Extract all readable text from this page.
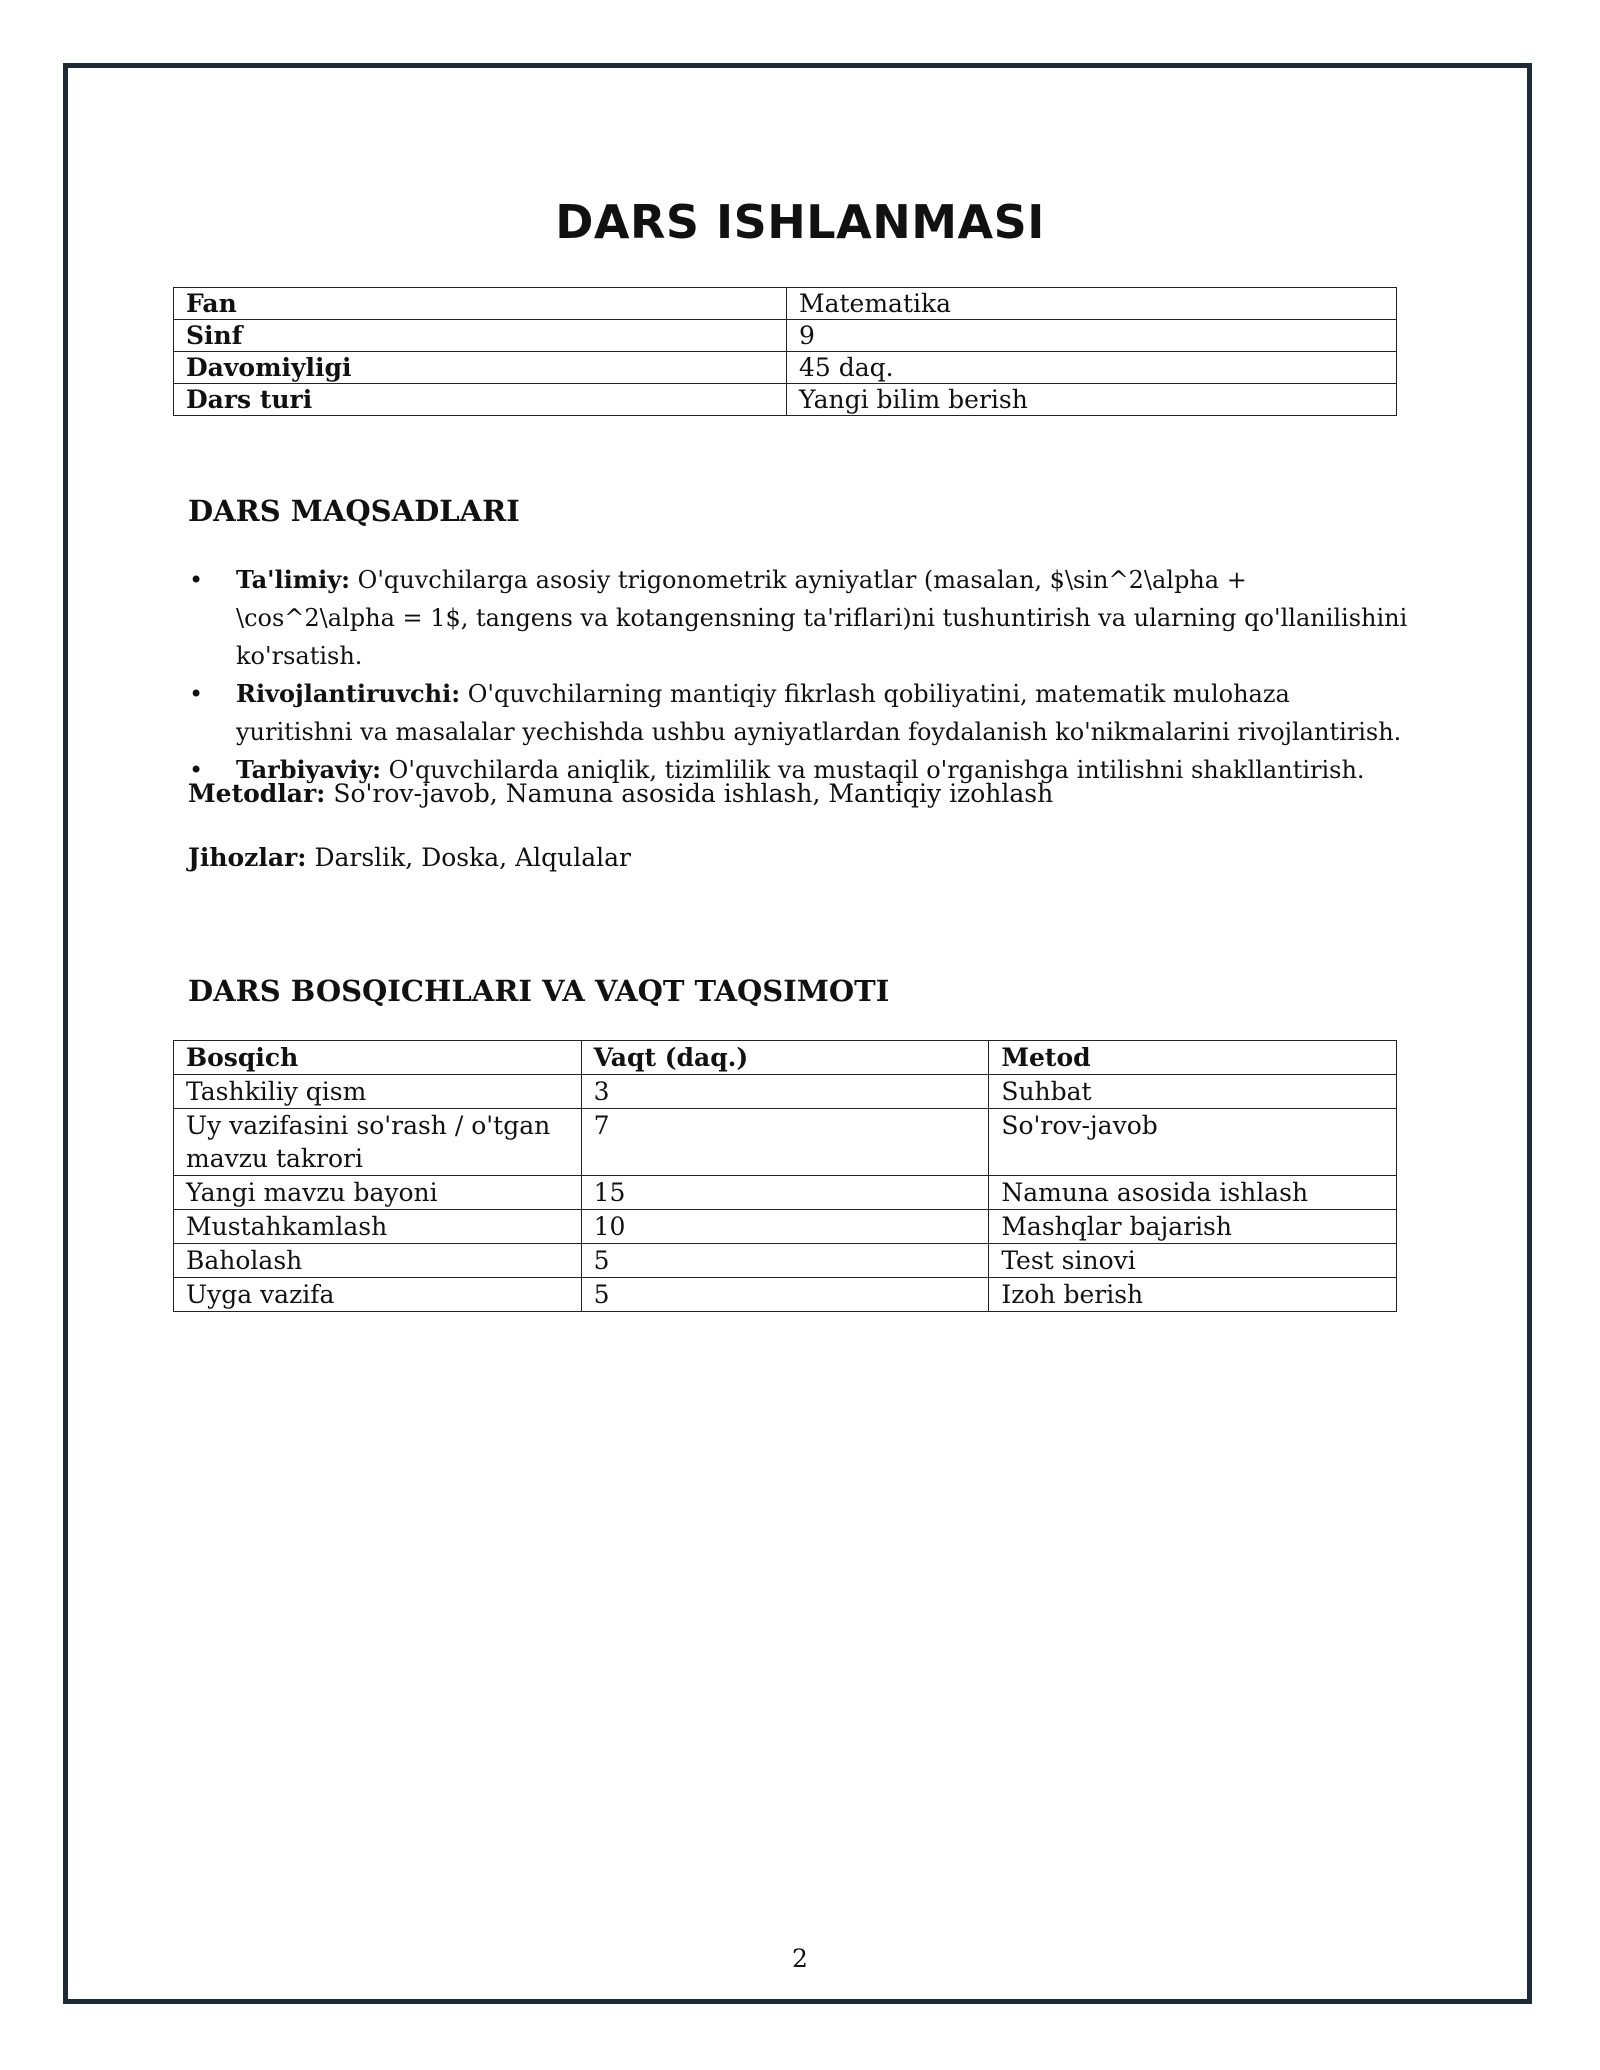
DARS ISHLANMASI
Fan	Matematika
Sinf	9
Davomiyligi	45 daq.
Dars turi	Yangi bilim berish
DARS MAQSADLARI
• Ta'limiy: O'quvchilarga asosiy trigonometrik ayniyatlar (masalan, $\sin^2\alpha + \cos^2\alpha = 1$, tangens va kotangensning ta'riflari)ni tushuntirish va ularning qo'llanilishini ko'rsatish.
• Rivojlantiruvchi: O'quvchilarning mantiqiy fikrlash qobiliyatini, matematik mulohaza yuritishni va masalalar yechishda ushbu ayniyatlardan foydalanish ko'nikmalarini rivojlantirish.
• Tarbiyaviy: O'quvchilarda aniqlik, tizimlilik va mustaqil o'rganishga intilishni shakllantirish.

Metodlar: So'rov-javob, Namuna asosida ishlash, Mantiqiy izohlash

Jihozlar: Darslik, Doska, Alqulalar

DARS BOSQICHLARI VA VAQT TAQSIMOTI
Bosqich	Vaqt (daq.)	Metod
Tashkiliy qism	3	Suhbat
Uy vazifasini so'rash / o'tgan mavzu takrori	7	So'rov-javob
Yangi mavzu bayoni	15	Namuna asosida ishlash
Mustahkamlash	10	Mashqlar bajarish
Baholash	5	Test sinovi
Uyga vazifa	5	Izoh berish

2
